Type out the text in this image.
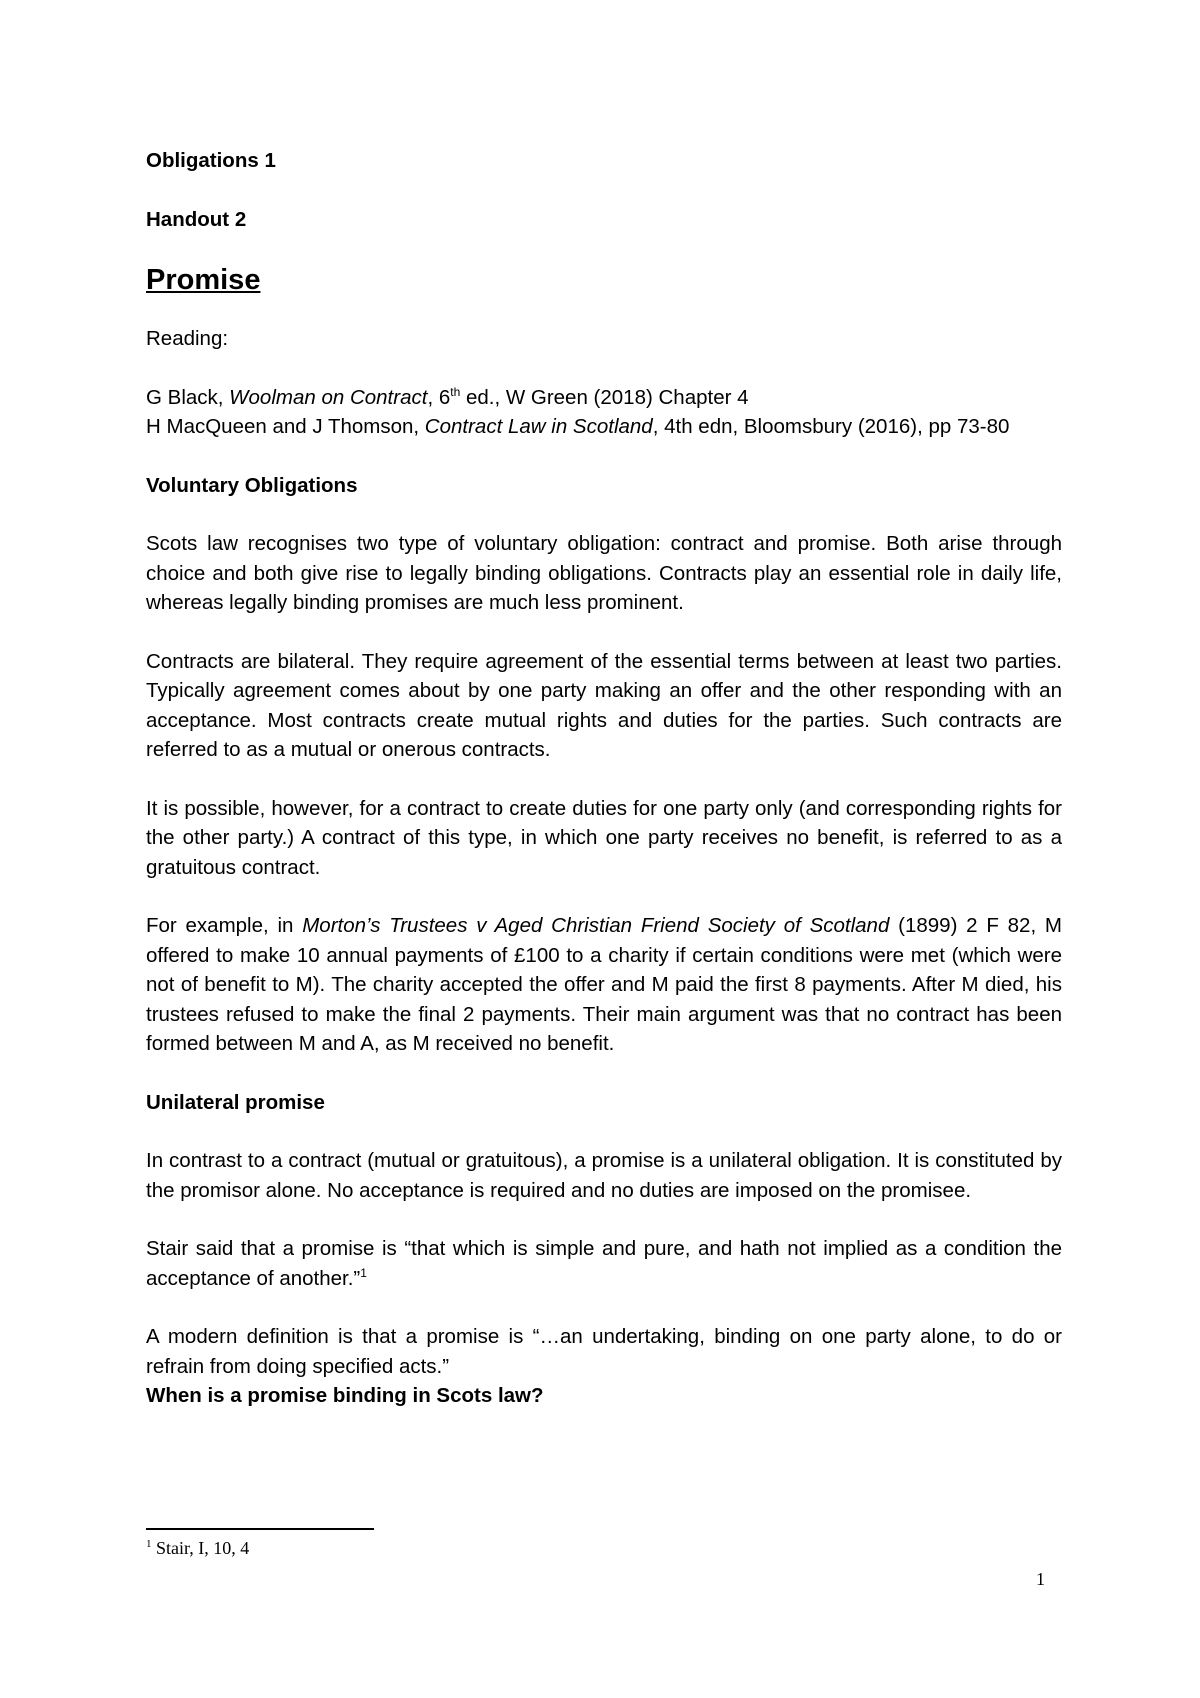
Obligations 1

Handout 2

Promise

Reading:

G Black, Woolman on Contract, 6th ed., W Green (2018) Chapter 4

H MacQueen and J Thomson, Contract Law in Scotland, 4th edn, Bloomsbury (2016), pp 73-80

Voluntary Obligations

Scots law recognises two type of voluntary obligation: contract and promise. Both arise through choice and both give rise to legally binding obligations. Contracts play an essential role in daily life, whereas legally binding promises are much less prominent.

Contracts are bilateral. They require agreement of the essential terms between at least two parties. Typically agreement comes about by one party making an offer and the other responding with an acceptance. Most contracts create mutual rights and duties for the parties. Such contracts are referred to as a mutual or onerous contracts.

It is possible, however, for a contract to create duties for one party only (and corresponding rights for the other party.) A contract of this type, in which one party receives no benefit, is referred to as a gratuitous contract.

For example, in Morton’s Trustees v Aged Christian Friend Society of Scotland (1899) 2 F 82, M offered to make 10 annual payments of £100 to a charity if certain conditions were met (which were not of benefit to M). The charity accepted the offer and M paid the first 8 payments. After M died, his trustees refused to make the final 2 payments. Their main argument was that no contract has been formed between M and A, as M received no benefit.

Unilateral promise

In contrast to a contract (mutual or gratuitous), a promise is a unilateral obligation. It is constituted by the promisor alone. No acceptance is required and no duties are imposed on the promisee.

Stair said that a promise is “that which is simple and pure, and hath not implied as a condition the acceptance of another.”$^1$

A modern definition is that a promise is “…an undertaking, binding on one party alone, to do or refrain from doing specified acts.”

When is a promise binding in Scots law?

$^1$ Stair, I, 10, 4
1
